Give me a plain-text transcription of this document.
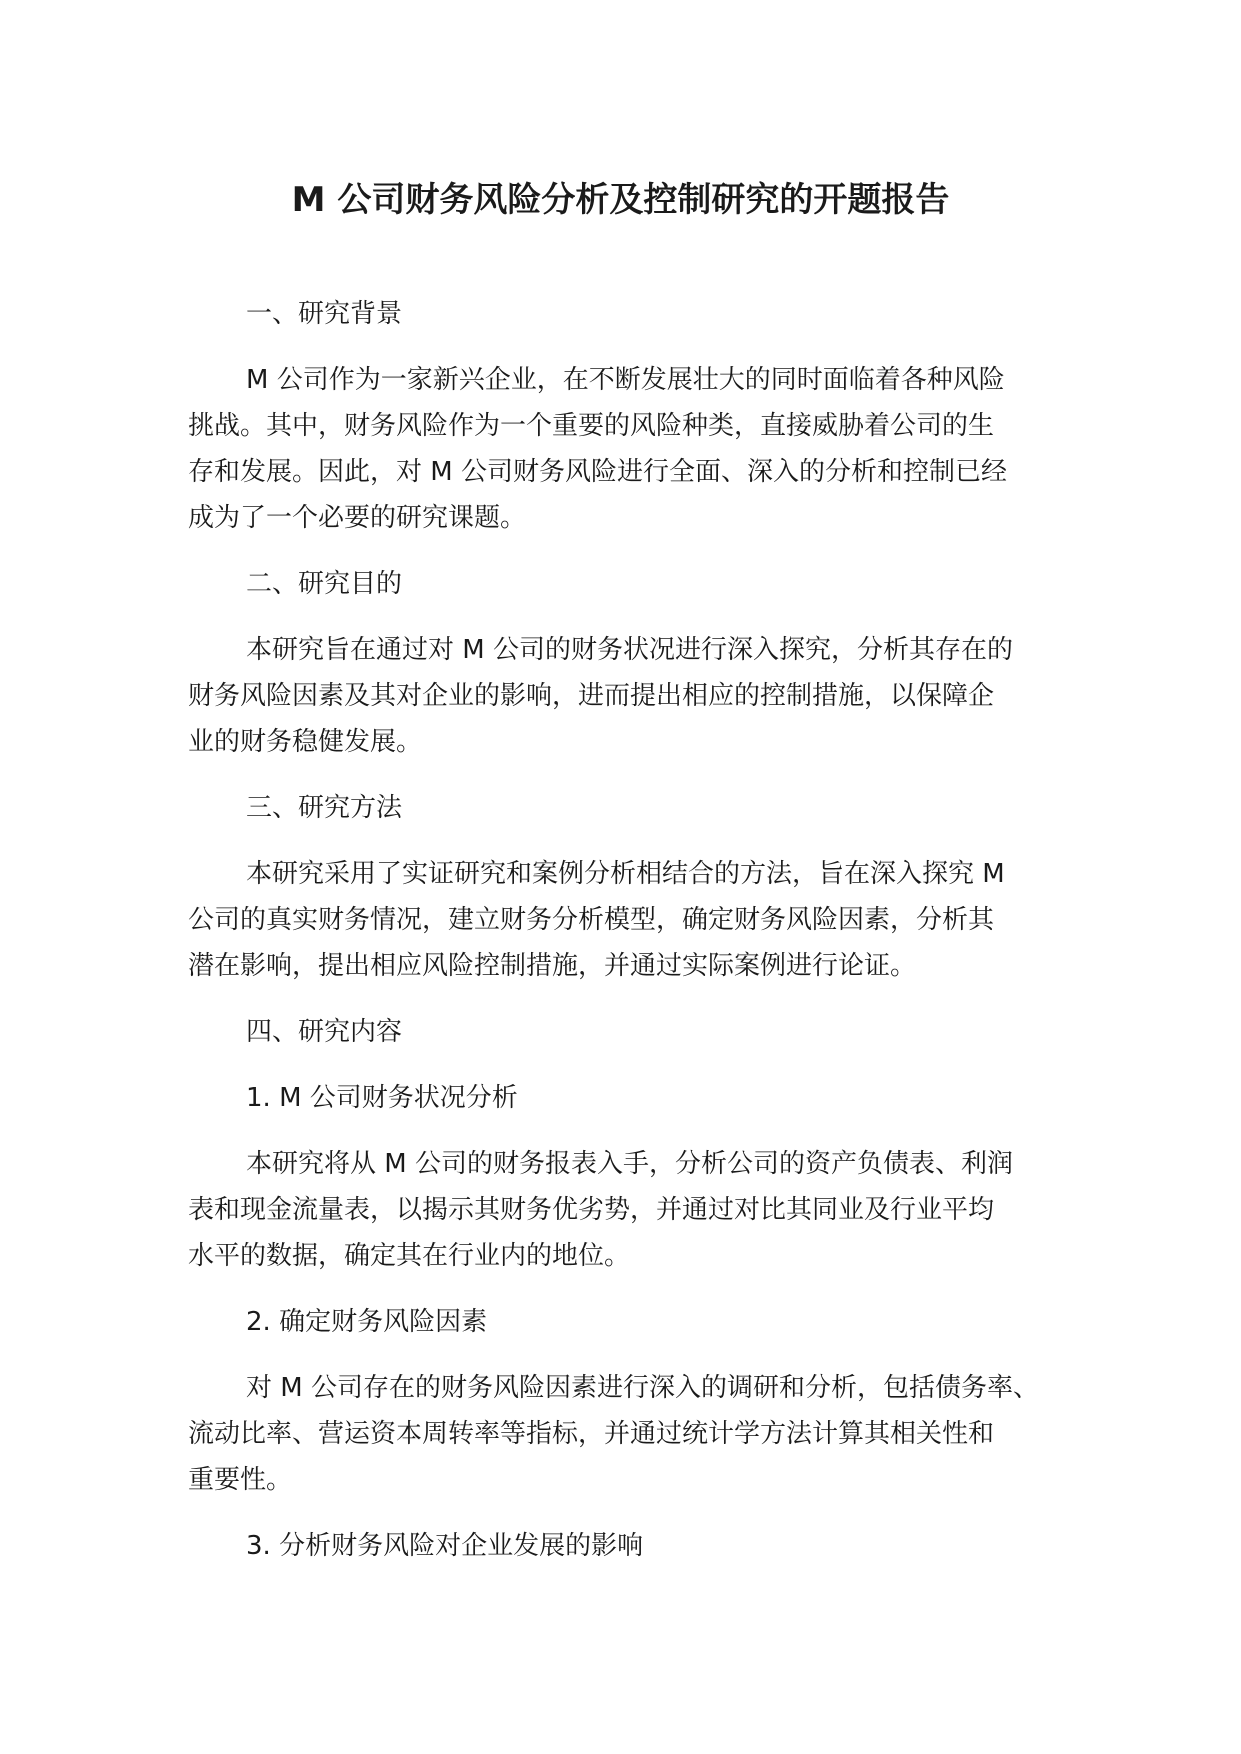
M 公司财务风险分析及控制研究的开题报告

一、研究背景

M 公司作为一家新兴企业，在不断发展壮大的同时面临着各种风险

挑战。其中，财务风险作为一个重要的风险种类，直接威胁着公司的生

存和发展。因此，对 M 公司财务风险进行全面、深入的分析和控制已经

成为了一个必要的研究课题。

二、研究目的

本研究旨在通过对 M 公司的财务状况进行深入探究，分析其存在的

财务风险因素及其对企业的影响，进而提出相应的控制措施，以保障企

业的财务稳健发展。

三、研究方法

本研究采用了实证研究和案例分析相结合的方法，旨在深入探究 M

公司的真实财务情况，建立财务分析模型，确定财务风险因素，分析其

潜在影响，提出相应风险控制措施，并通过实际案例进行论证。

四、研究内容

1. M 公司财务状况分析

本研究将从 M 公司的财务报表入手，分析公司的资产负债表、利润

表和现金流量表，以揭示其财务优劣势，并通过对比其同业及行业平均

水平的数据，确定其在行业内的地位。

2. 确定财务风险因素

对 M 公司存在的财务风险因素进行深入的调研和分析，包括债务率、

流动比率、营运资本周转率等指标，并通过统计学方法计算其相关性和

重要性。

3. 分析财务风险对企业发展的影响
